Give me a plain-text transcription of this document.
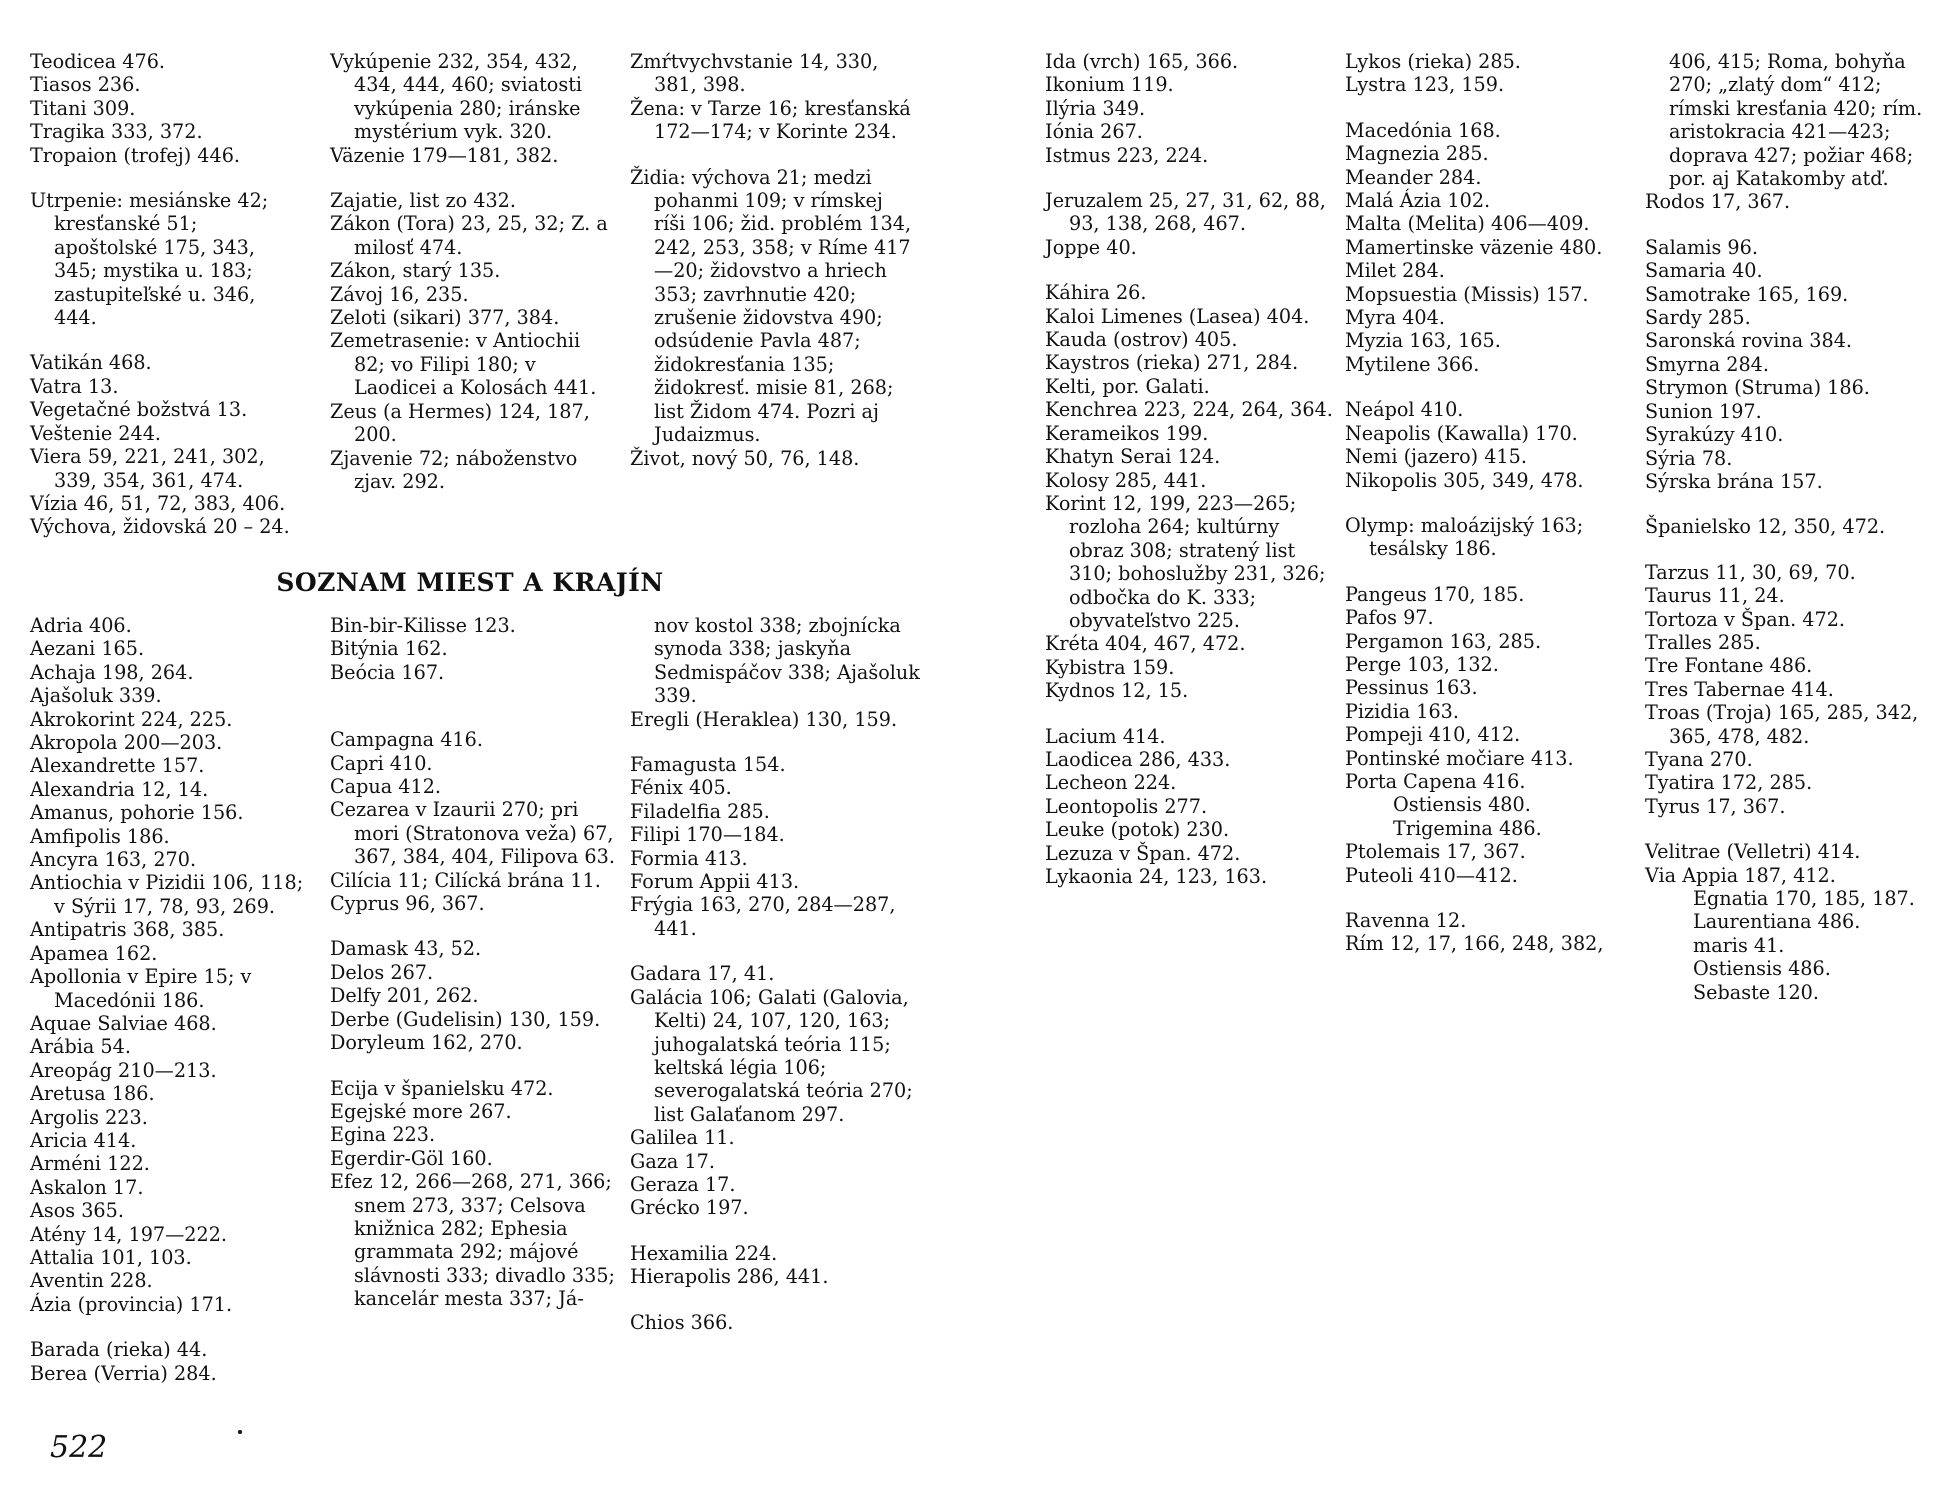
Teodicea 476.

Tiasos 236.

Titani 309.

Tragika 333, 372.

Tropaion (trofej) 446.

Utrpenie: mesiánske 42; kresťanské 51; apoštolské 175, 343, 345; mystika u. 183; zastupiteľské u. 346, 444.

Vatikán 468.

Vatra 13.

Vegetačné božstvá 13.

Veštenie 244.

Viera 59, 221, 241, 302, 339, 354, 361, 474.

Vízia 46, 51, 72, 383, 406.

Výchova, židovská 20 – 24.

Vykúpenie 232, 354, 432, 434, 444, 460; sviatosti vykúpenia 280; iránske mystérium vyk. 320.

Väzenie 179—181, 382.

Zajatie, list zo 432.

Zákon (Tora) 23, 25, 32; Z. a milosť 474.

Zákon, starý 135.

Závoj 16, 235.

Zeloti (sikari) 377, 384.

Zemetrasenie: v Antiochii 82; vo Filipi 180; v Laodicei a Kolosách 441.

Zeus (a Hermes) 124, 187, 200.

Zjavenie 72; náboženstvo zjav. 292.

Zmŕtvychvstanie 14, 330, 381, 398.

Žena: v Tarze 16; kresťanská 172—174; v Korinte 234.

Židia: výchova 21; medzi pohanmi 109; v rímskej ríši 106; žid. problém 134, 242, 253, 358; v Ríme 417—20; židovstvo a hriech 353; zavrhnutie 420; zrušenie židovstva 490; odsúdenie Pavla 487; židokresťania 135; židokresť. misie 81, 268; list Židom 474. Pozri aj Judaizmus.

Život, nový 50, 76, 148.

SOZNAM MIEST A KRAJÍN

Adria 406.

Aezani 165.

Achaja 198, 264.

Ajašoluk 339.

Akrokorint 224, 225.

Akropola 200—203.

Alexandrette 157.

Alexandria 12, 14.

Amanus, pohorie 156.

Amfipolis 186.

Ancyra 163, 270.

Antiochia v Pizidii 106, 118; v Sýrii 17, 78, 93, 269.

Antipatris 368, 385.

Apamea 162.

Apollonia v Epire 15; v Macedónii 186.

Aquae Salviae 468.

Arábia 54.

Areopág 210—213.

Aretusa 186.

Argolis 223.

Aricia 414.

Arméni 122.

Askalon 17.

Asos 365.

Atény 14, 197—222.

Attalia 101, 103.

Aventin 228.

Ázia (provincia) 171.

Barada (rieka) 44.

Berea (Verria) 284.

Bin-bir-Kilisse 123.

Bitýnia 162.

Beócia 167.

Campagna 416.

Capri 410.

Capua 412.

Cezarea v Izaurii 270; pri mori (Stratonova veža) 67, 367, 384, 404, Filipova 63.

Cilícia 11; Cilícká brána 11.

Cyprus 96, 367.

Damask 43, 52.

Delos 267.

Delfy 201, 262.

Derbe (Gudelisin) 130, 159.

Doryleum 162, 270.

Ecija v španielsku 472.

Egejské more 267.

Egina 223.

Egerdir-Göl 160.

Efez 12, 266—268, 271, 366; snem 273, 337; Celsova knižnica 282; Ephesia grammata 292; májové slávnosti 333; divadlo 335; kancelár mesta 337; Já-

nov kostol 338; zbojnícka synoda 338; jaskyňa Sedmispáčov 338; Ajašoluk 339.

Eregli (Heraklea) 130, 159.

Famagusta 154.

Fénix 405.

Filadelfia 285.

Filipi 170—184.

Formia 413.

Forum Appii 413.

Frýgia 163, 270, 284—287, 441.

Gadara 17, 41.

Galácia 106; Galati (Galovia, Kelti) 24, 107, 120, 163; juhogalatská teória 115; keltská légia 106; severogalatská teória 270; list Galaťanom 297.

Galilea 11.

Gaza 17.

Geraza 17.

Grécko 197.

Hexamilia 224.

Hierapolis 286, 441.

Chios 366.

Ida (vrch) 165, 366.

Ikonium 119.

Ilýria 349.

Iónia 267.

Istmus 223, 224.

Jeruzalem 25, 27, 31, 62, 88, 93, 138, 268, 467.

Joppe 40.

Káhira 26.

Kaloi Limenes (Lasea) 404.

Kauda (ostrov) 405.

Kaystros (rieka) 271, 284.

Kelti, por. Galati.

Kenchrea 223, 224, 264, 364.

Kerameikos 199.

Khatyn Serai 124.

Kolosy 285, 441.

Korint 12, 199, 223—265; rozloha 264; kultúrny obraz 308; stratený list 310; bohoslužby 231, 326; odbočka do K. 333; obyvateľstvo 225.

Kréta 404, 467, 472.

Kybistra 159.

Kydnos 12, 15.

Lacium 414.

Laodicea 286, 433.

Lecheon 224.

Leontopolis 277.

Leuke (potok) 230.

Lezuza v Špan. 472.

Lykaonia 24, 123, 163.

Lykos (rieka) 285.

Lystra 123, 159.

Macedónia 168.

Magnezia 285.

Meander 284.

Malá Ázia 102.

Malta (Melita) 406—409.

Mamertinske väzenie 480.

Milet 284.

Mopsuestia (Missis) 157.

Myra 404.

Myzia 163, 165.

Mytilene 366.

Neápol 410.

Neapolis (Kawalla) 170.

Nemi (jazero) 415.

Nikopolis 305, 349, 478.

Olymp: maloázijský 163; tesálsky 186.

Pangeus 170, 185.

Pafos 97.

Pergamon 163, 285.

Perge 103, 132.

Pessinus 163.

Pizidia 163.

Pompeji 410, 412.

Pontinské močiare 413.

Porta Capena 416.

Ostiensis 480.

Trigemina 486.

Ptolemais 17, 367.

Puteoli 410—412.

Ravenna 12.

Rím 12, 17, 166, 248, 382,

406, 415; Roma, bohyňa 270; „zlatý dom“ 412; rímski kresťania 420; rím. aristokracia 421—423; doprava 427; požiar 468; por. aj Katakomby atď.

Rodos 17, 367.

Salamis 96.

Samaria 40.

Samotrake 165, 169.

Sardy 285.

Saronská rovina 384.

Smyrna 284.

Strymon (Struma) 186.

Sunion 197.

Syrakúzy 410.

Sýria 78.

Sýrska brána 157.

Španielsko 12, 350, 472.

Tarzus 11, 30, 69, 70.

Taurus 11, 24.

Tortoza v Špan. 472.

Tralles 285.

Tre Fontane 486.

Tres Tabernae 414.

Troas (Troja) 165, 285, 342, 365, 478, 482.

Tyana 270.

Tyatira 172, 285.

Tyrus 17, 367.

Velitrae (Velletri) 414.

Via Appia 187, 412.

Egnatia 170, 185, 187.

Laurentiana 486.

maris 41.

Ostiensis 486.

Sebaste 120.

522
